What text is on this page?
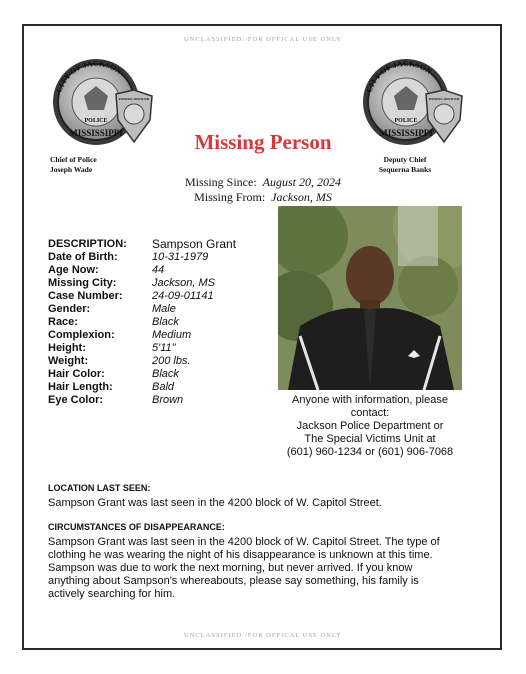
UNCLASSIFIED//FOR OFFICAL USE ONLY
CITY OF JACKSON
POLICE
MISSISSIPPI
PATROL OFFICER
CITY OF JACKSON
POLICE
MISSISSIPPI
PATROL OFFICER
Chief of Police
Joseph Wade
Deputy Chief
Sequerna Banks
Missing Person
Missing Since: August 20, 2024
Missing From: Jackson, MS
DESCRIPTION:	Sampson Grant
Date of Birth:	10-31-1979
Age Now:	44
Missing City:	Jackson, MS
Case Number:	24-09-01141
Gender:	Male
Race:	Black
Complexion:	Medium
Height:	5'11"
Weight:	200 lbs.
Hair Color:	Black
Hair Length:	Bald
Eye Color:	Brown	Anyone with information, please
contact:
Jackson Police Department or
The Special Victims Unit at
(601) 960-1234 or (601) 906-7068
LOCATION LAST SEEN:
Sampson Grant was last seen in the 4200 block of W. Capitol Street.
CIRCUMSTANCES OF DISAPPEARANCE:
Sampson Grant was last seen in the 4200 block of W. Capitol Street. The type of
clothing he was wearing the night of his disappearance is unknown at this time.
Sampson was due to work the next morning, but never arrived. If you know
anything about Sampson's whereabouts, please say something, his family is
actively searching for him.
UNCLASSIFIED//FOR OFFICAL USE ONLY
